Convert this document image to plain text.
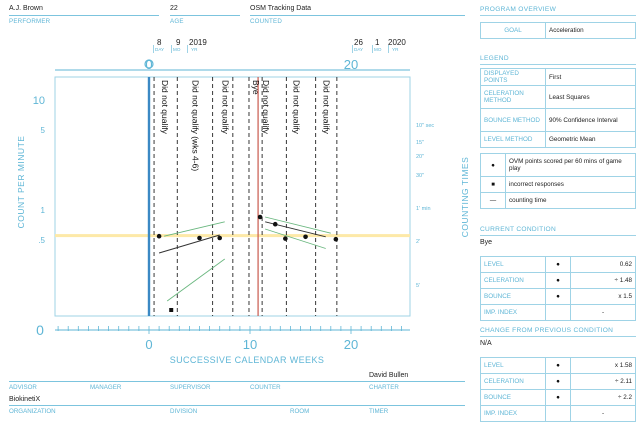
A.J. Brown
PERFORMER
22
AGE
OSM Tracking Data
COUNTED
8 9 2019
DAY MO YR
26 1 2020
DAY MO YR
0	10	20
0	20
10
5
1
.5
0
COUNT PER MINUTE
SUCCESSIVE CALENDAR WEEKS
COUNTING TIMES
10" sec
15"
20"
30"
1' min
2'
5'
Did not qualify Did not qualify (wks 4-6) Did not qualify Bye Did not qualify Did not qualify Did not qualify
David Bullen
ADVISOR	MANAGER	SUPERVISOR	COUNTER	CHARTER
BiokinetiX
ORGANIZATION	DIVISION	ROOM	TIMER
PROGRAM OVERVIEW
GOAL	Acceleration
LEGEND
DISPLAYED POINTS	First
CELERATION METHOD	Least Squares
BOUNCE METHOD	90% Confidence Interval
LEVEL METHOD	Geometric Mean
●	OVM points scored per 60 mins of game play
■	incorrect responses
—	counting time
CURRENT CONDITION
Bye
LEVEL	●	0.62
CELERATION	●	÷ 1.48
BOUNCE	●	x 1.5
IMP. INDEX		-
CHANGE FROM PREVIOUS CONDITION
N/A
LEVEL	●	x 1.58
CELERATION	●	÷ 2.11
BOUNCE	●	÷ 2.2
IMP. INDEX		-
